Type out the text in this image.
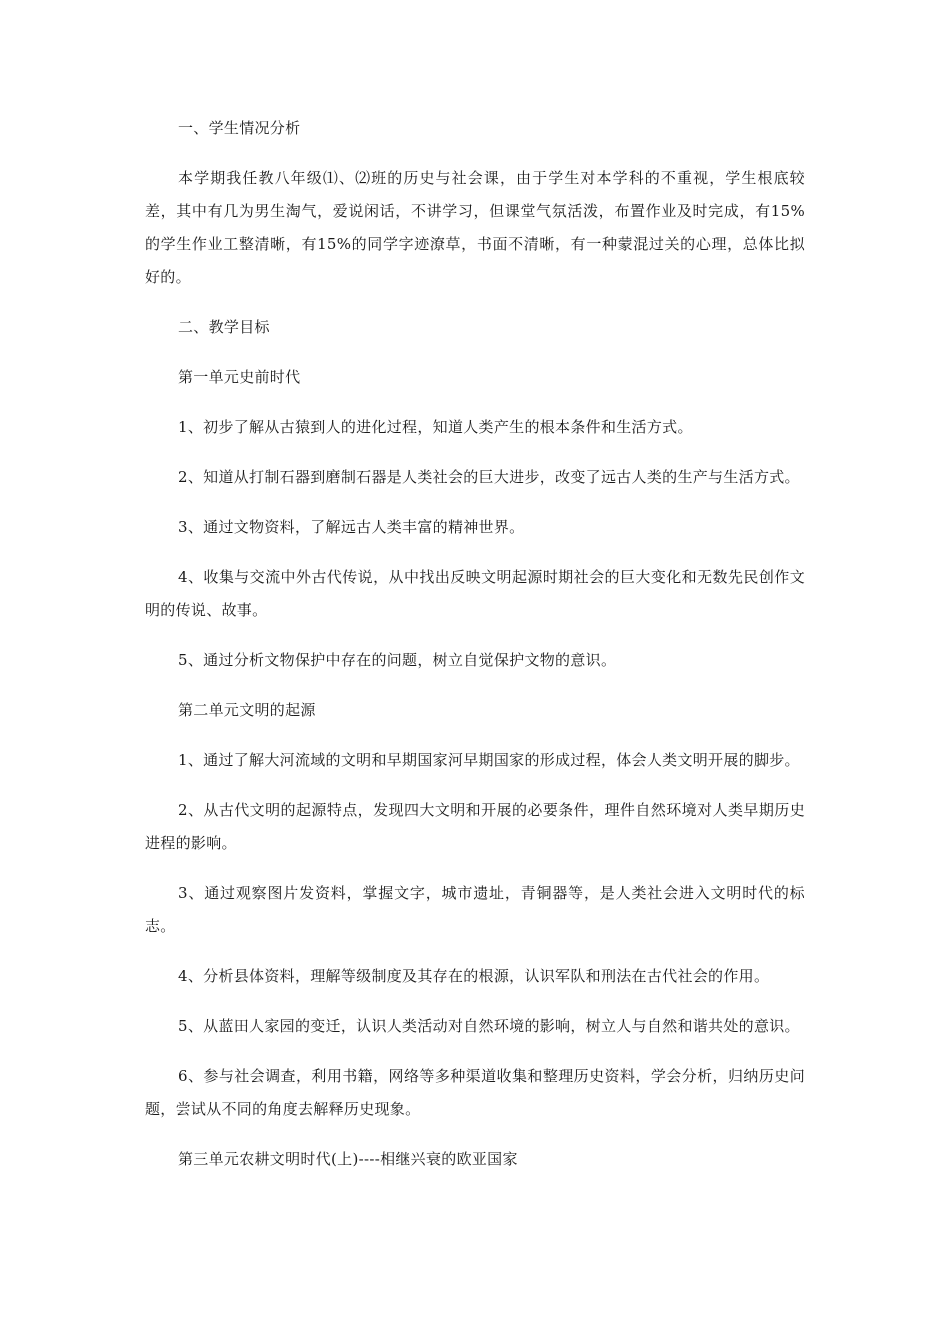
一、学生情况分析

本学期我任教八年级⑴、⑵班的历史与社会课，由于学生对本学科的不重视，学生根底较差，其中有几为男生淘气，爱说闲话，不讲学习，但课堂气氛活泼，布置作业及时完成，有15%的学生作业工整清晰，有15%的同学字迹潦草，书面不清晰，有一种蒙混过关的心理，总体比拟好的。

二、教学目标

第一单元史前时代

1、初步了解从古猿到人的进化过程，知道人类产生的根本条件和生活方式。

2、知道从打制石器到磨制石器是人类社会的巨大进步，改变了远古人类的生产与生活方式。

3、通过文物资料，了解远古人类丰富的精神世界。

4、收集与交流中外古代传说，从中找出反映文明起源时期社会的巨大变化和无数先民创作文明的传说、故事。

5、通过分析文物保护中存在的问题，树立自觉保护文物的意识。

第二单元文明的起源

1、通过了解大河流域的文明和早期国家河早期国家的形成过程，体会人类文明开展的脚步。

2、从古代文明的起源特点，发现四大文明和开展的必要条件，理件自然环境对人类早期历史进程的影响。

3、通过观察图片发资料，掌握文字，城市遗址，青铜器等，是人类社会进入文明时代的标志。

4、分析县体资料，理解等级制度及其存在的根源，认识军队和刑法在古代社会的作用。

5、从蓝田人家园的变迁，认识人类活动对自然环境的影响，树立人与自然和谐共处的意识。

6、参与社会调查，利用书籍，网络等多种渠道收集和整理历史资料，学会分析，归纳历史问题，尝试从不同的角度去解释历史现象。

第三单元农耕文明时代(上)----相继兴衰的欧亚国家
